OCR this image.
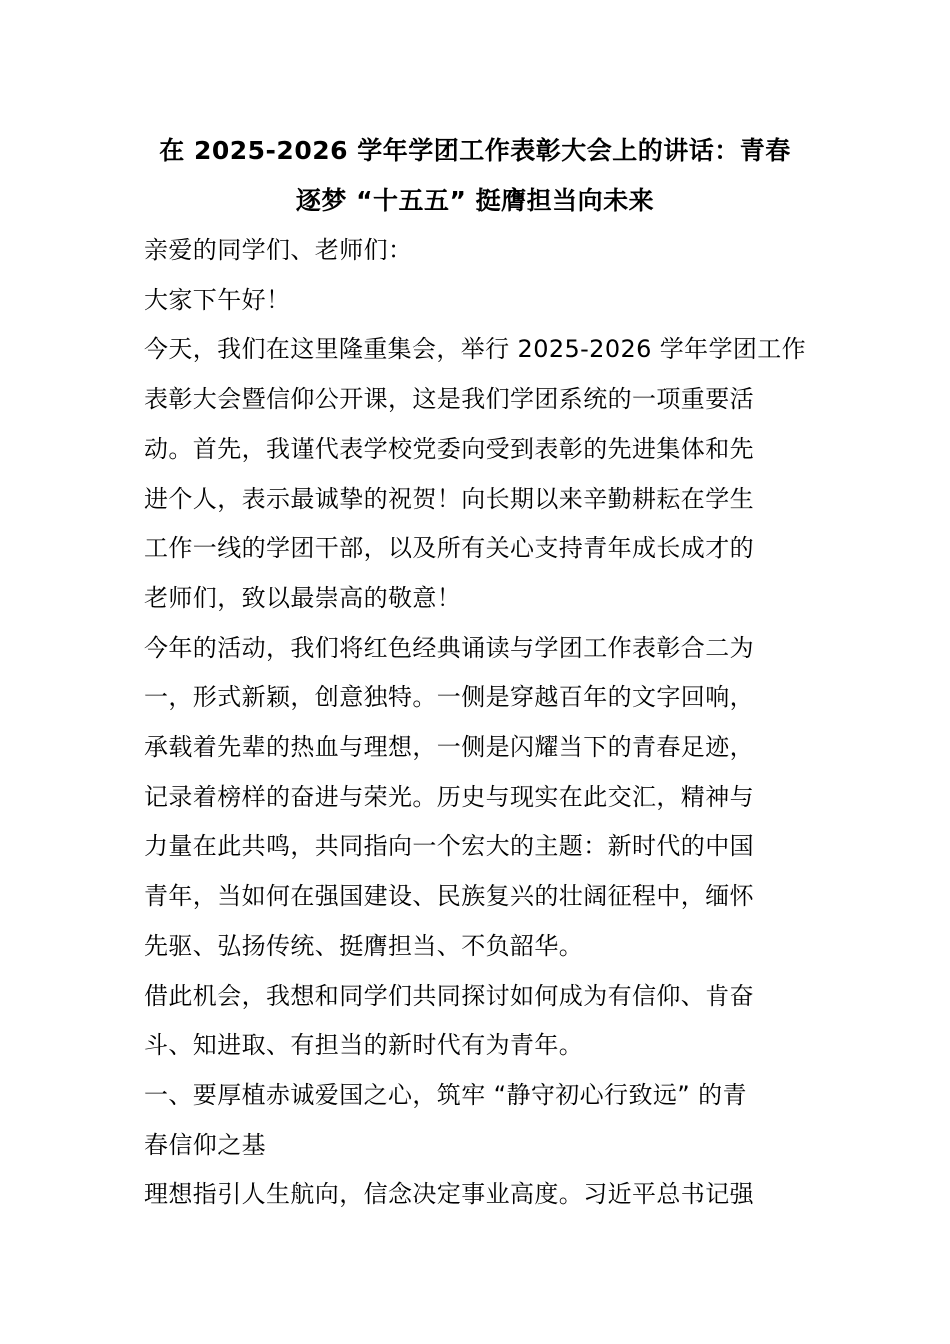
在 2025-2026 学年学团工作表彰大会上的讲话：青春
逐梦 “十五五” 挺膺担当向未来

亲爱的同学们、老师们：

大家下午好！

今天，我们在这里隆重集会，举行 2025-2026 学年学团工作
表彰大会暨信仰公开课，这是我们学团系统的一项重要活
动。首先，我谨代表学校党委向受到表彰的先进集体和先
进个人，表示最诚挚的祝贺！向长期以来辛勤耕耘在学生
工作一线的学团干部，以及所有关心支持青年成长成才的
老师们，致以最崇高的敬意！

今年的活动，我们将红色经典诵读与学团工作表彰合二为
一，形式新颖，创意独特。一侧是穿越百年的文字回响，
承载着先辈的热血与理想，一侧是闪耀当下的青春足迹，
记录着榜样的奋进与荣光。历史与现实在此交汇，精神与
力量在此共鸣，共同指向一个宏大的主题：新时代的中国
青年，当如何在强国建设、民族复兴的壮阔征程中，缅怀
先驱、弘扬传统、挺膺担当、不负韶华。

借此机会，我想和同学们共同探讨如何成为有信仰、肯奋
斗、知进取、有担当的新时代有为青年。

一、要厚植赤诚爱国之心，筑牢 “静守初心行致远” 的青
春信仰之基

理想指引人生航向，信念决定事业高度。习近平总书记强
